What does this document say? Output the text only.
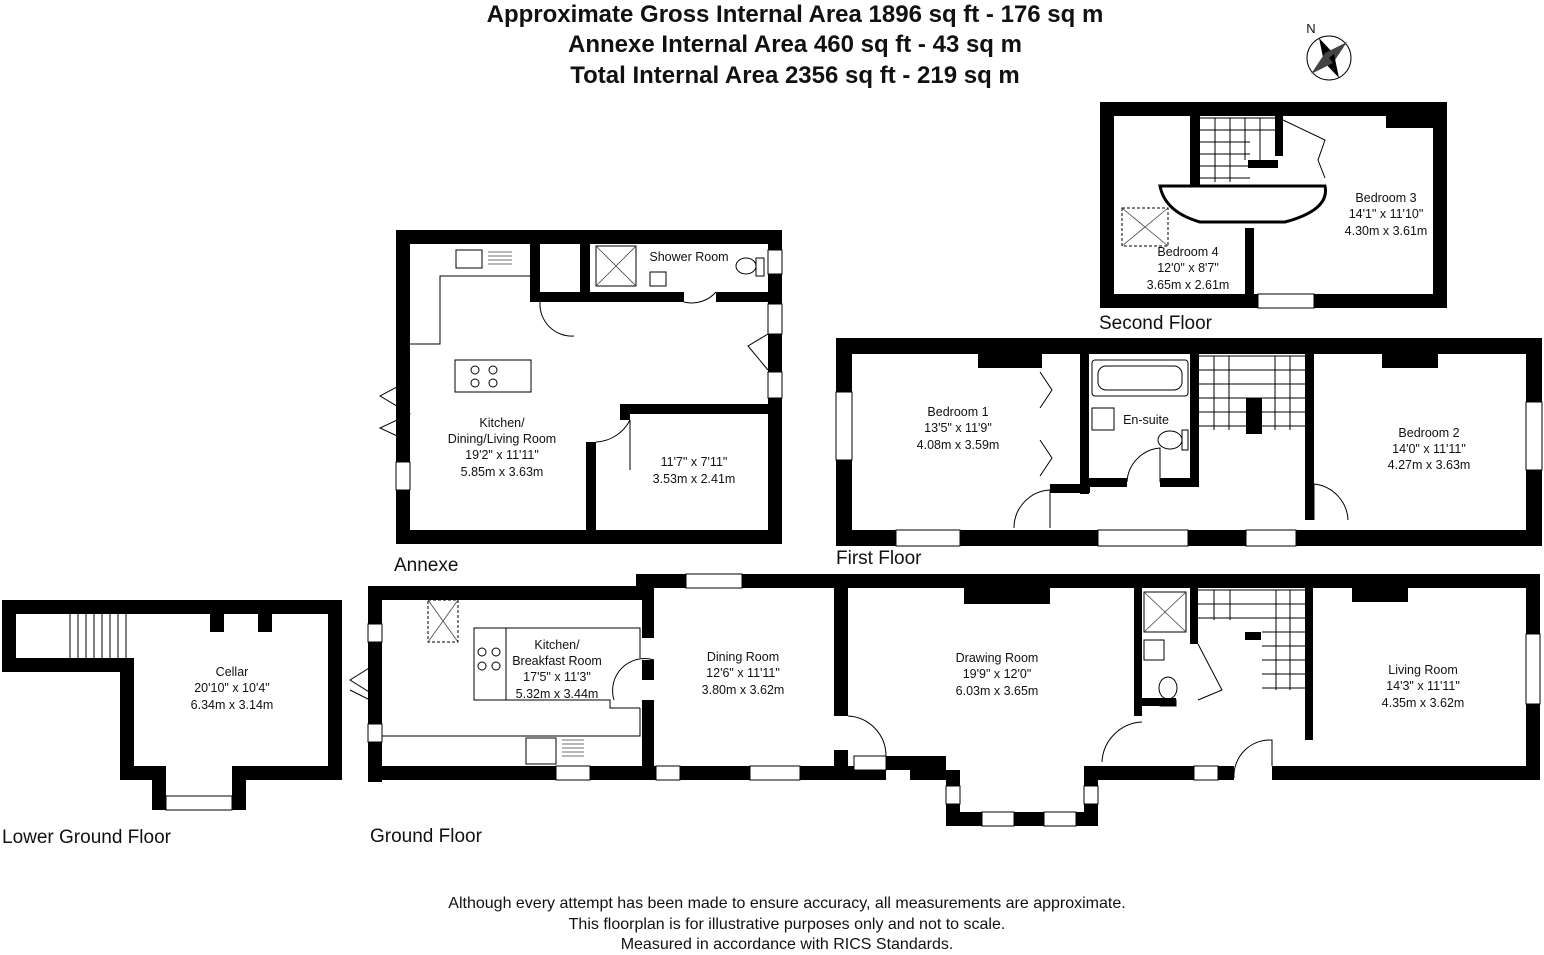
Approximate Gross Internal Area 1896 sq ft - 176 sq m
Annexe Internal Area 460 sq ft - 43 sq m
Total Internal Area 2356 sq ft - 219 sq m
N
Bedroom 3
14'1" x 11'10"
4.30m x 3.61m
Bedroom 4
12'0" x 8'7"
3.65m x 2.61m
Bedroom 1
13'5" x 11'9"
4.08m x 3.59m
En-suite
Bedroom 2
14'0" x 11'11"
4.27m x 3.63m
Shower Room
Kitchen/
Dining/Living Room
19'2" x 11'11"
5.85m x 3.63m
11'7" x 7'11"
3.53m x 2.41m
Cellar
20'10" x 10'4"
6.34m x 3.14m
Kitchen/
Breakfast Room
17'5" x 11'3"
5.32m x 3.44m
Dining Room
12'6" x 11'11"
3.80m x 3.62m
Drawing Room
19'9" x 12'0"
6.03m x 3.65m
Living Room
14'3" x 11'11"
4.35m x 3.62m
Second Floor
First Floor
Annexe
Ground Floor
Lower Ground Floor
Although every attempt has been made to ensure accuracy, all measurements are approximate.
This floorplan is for illustrative purposes only and not to scale.
Measured in accordance with RICS Standards.
